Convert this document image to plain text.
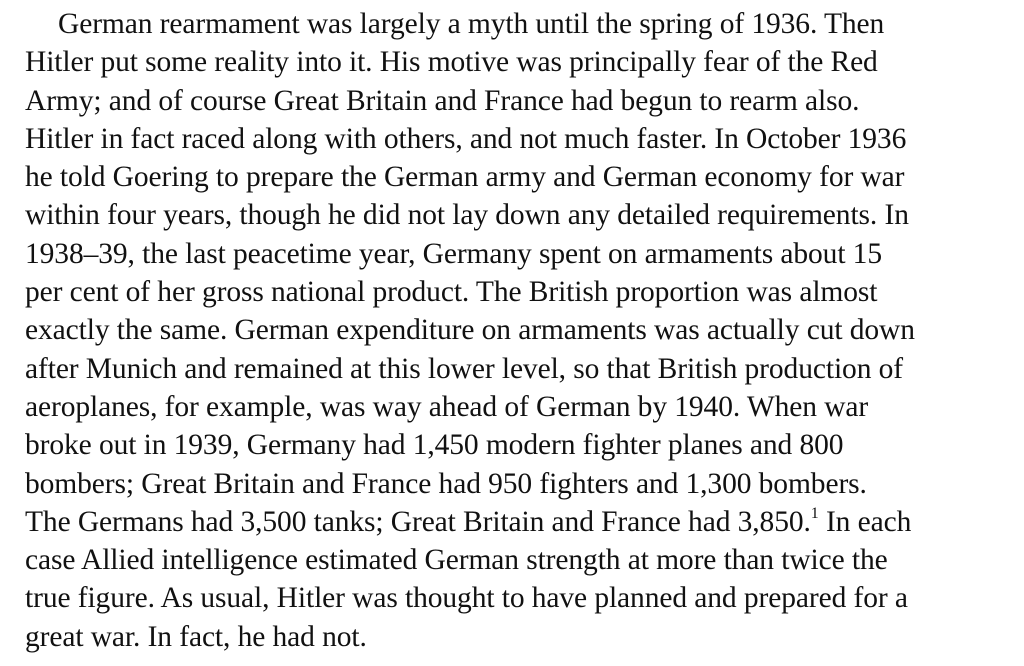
German rearmament was largely a myth until the spring of 1936. Then
Hitler put some reality into it. His motive was principally fear of the Red
Army; and of course Great Britain and France had begun to rearm also.
Hitler in fact raced along with others, and not much faster. In October 1936
he told Goering to prepare the German army and German economy for war
within four years, though he did not lay down any detailed requirements. In
1938–39, the last peacetime year, Germany spent on armaments about 15
per cent of her gross national product. The British proportion was almost
exactly the same. German expenditure on armaments was actually cut down
after Munich and remained at this lower level, so that British production of
aeroplanes, for example, was way ahead of German by 1940. When war
broke out in 1939, Germany had 1,450 modern fighter planes and 800
bombers; Great Britain and France had 950 fighters and 1,300 bombers.
The Germans had 3,500 tanks; Great Britain and France had 3,850.$^1$ In each
case Allied intelligence estimated German strength at more than twice the
true figure. As usual, Hitler was thought to have planned and prepared for a
great war. In fact, he had not.
